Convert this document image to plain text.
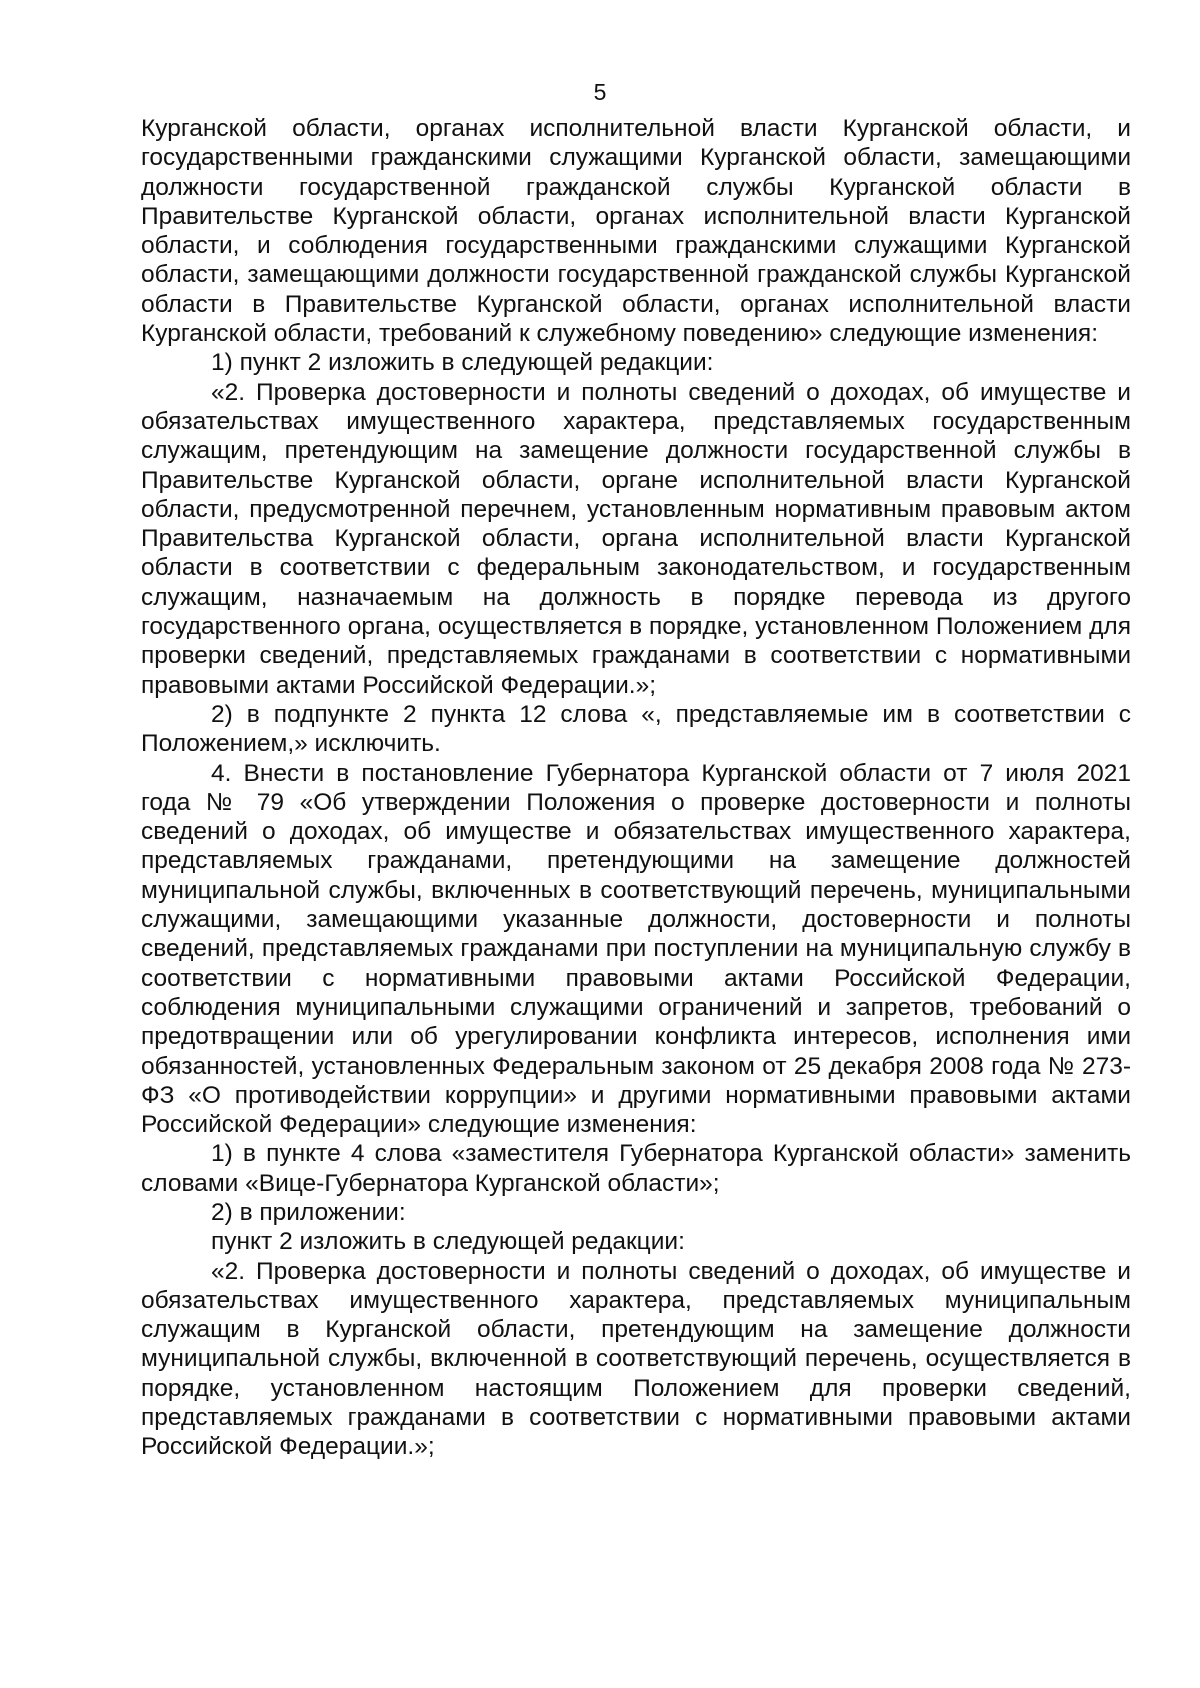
5

Курганской области, органах исполнительной власти Курганской области, и государственными гражданскими служащими Курганской области, замещающими должности государственной гражданской службы Курганской области в Правительстве Курганской области, органах исполнительной власти Курганской области, и соблюдения государственными гражданскими служащими Курганской области, замещающими должности государственной гражданской службы Курганской области в Правительстве Курганской области, органах исполнительной власти Курганской области, требований к служебному поведению» следующие изменения:

1) пункт 2 изложить в следующей редакции:

«2. Проверка достоверности и полноты сведений о доходах, об имуществе и обязательствах имущественного характера, представляемых государственным служащим, претендующим на замещение должности государственной службы в Правительстве Курганской области, органе исполнительной власти Курганской области, предусмотренной перечнем, установленным нормативным правовым актом Правительства Курганской области, органа исполнительной власти Курганской области в соответствии с федеральным законодательством, и государственным служащим, назначаемым на должность в порядке перевода из другого государственного органа, осуществляется в порядке, установленном Положением для проверки сведений, представляемых гражданами в соответствии с нормативными правовыми актами Российской Федерации.»;

2) в подпункте 2 пункта 12 слова «, представляемые им в соответствии с Положением,» исключить.

4. Внести в постановление Губернатора Курганской области от 7 июля 2021 года № 79 «Об утверждении Положения о проверке достоверности и полноты сведений о доходах, об имуществе и обязательствах имущественного характера, представляемых гражданами, претендующими на замещение должностей муниципальной службы, включенных в соответствующий перечень, муниципальными служащими, замещающими указанные должности, достоверности и полноты сведений, представляемых гражданами при поступлении на муниципальную службу в соответствии с нормативными правовыми актами Российской Федерации, соблюдения муниципальными служащими ограничений и запретов, требований о предотвращении или об урегулировании конфликта интересов, исполнения ими обязанностей, установленных Федеральным законом от 25 декабря 2008 года № 273-ФЗ «О противодействии коррупции» и другими нормативными правовыми актами Российской Федерации» следующие изменения:

1) в пункте 4 слова «заместителя Губернатора Курганской области» заменить словами «Вице-Губернатора Курганской области»;

2) в приложении:

пункт 2 изложить в следующей редакции:

«2. Проверка достоверности и полноты сведений о доходах, об имуществе и обязательствах имущественного характера, представляемых муниципальным служащим в Курганской области, претендующим на замещение должности муниципальной службы, включенной в соответствующий перечень, осуществляется в порядке, установленном настоящим Положением для проверки сведений, представляемых гражданами в соответствии с нормативными правовыми актами Российской Федерации.»;
